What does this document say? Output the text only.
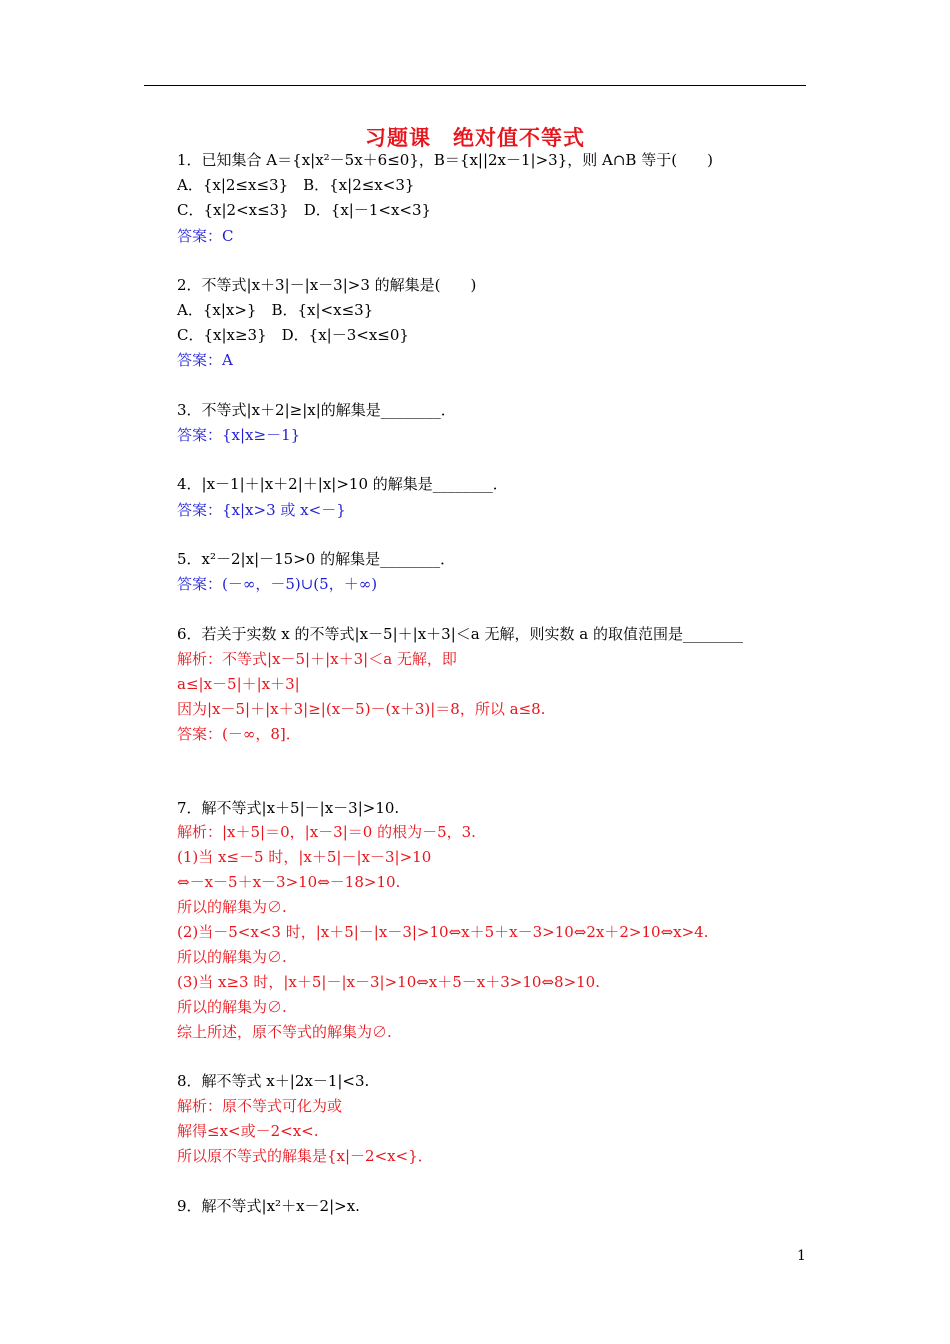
习题课　绝对值不等式
1．已知集合 A＝{x|x²－5x＋6≤0}，B＝{x||2x－1|>3}，则 A∩B 等于(　　)
A．{x|2≤x≤3}　B．{x|2≤x<3}
C．{x|2<x≤3}　D．{x|－1<x<3}
答案：C
2．不等式|x＋3|－|x－3|>3 的解集是(　　)
A．{x|x>}　B．{x|<x≤3}
C．{x|x≥3}　D．{x|－3<x≤0}
答案：A
3．不等式|x＋2|≥|x|的解集是________．
答案：{x|x≥－1}
4．|x－1|＋|x＋2|＋|x|>10 的解集是________．
答案：{x|x>3 或 x<－}
5．x²－2|x|－15>0 的解集是________．
答案：(－∞，－5)∪(5，＋∞)
6．若关于实数 x 的不等式|x－5|＋|x＋3|＜a 无解，则实数 a 的取值范围是________
解析：不等式|x－5|＋|x＋3|＜a 无解，即
a≤|x－5|＋|x＋3|
因为|x－5|＋|x＋3|≥|(x－5)－(x＋3)|＝8，所以 a≤8.
答案：(－∞，8]．
7．解不等式|x＋5|－|x－3|>10.
解析：|x＋5|＝0，|x－3|＝0 的根为－5，3.
(1)当 x≤－5 时，|x＋5|－|x－3|>10
⇔－x－5＋x－3>10⇔－18>10.
所以的解集为∅.
(2)当－5<x<3 时，|x＋5|－|x－3|>10⇔x＋5＋x－3>10⇔2x＋2>10⇔x>4.
所以的解集为∅.
(3)当 x≥3 时，|x＋5|－|x－3|>10⇔x＋5－x＋3>10⇔8>10.
所以的解集为∅.
综上所述，原不等式的解集为∅.
8．解不等式 x＋|2x－1|<3.
解析：原不等式可化为或
解得≤x<或－2<x<.
所以原不等式的解集是{x|－2<x<}．
9．解不等式|x²＋x－2|>x.
1
